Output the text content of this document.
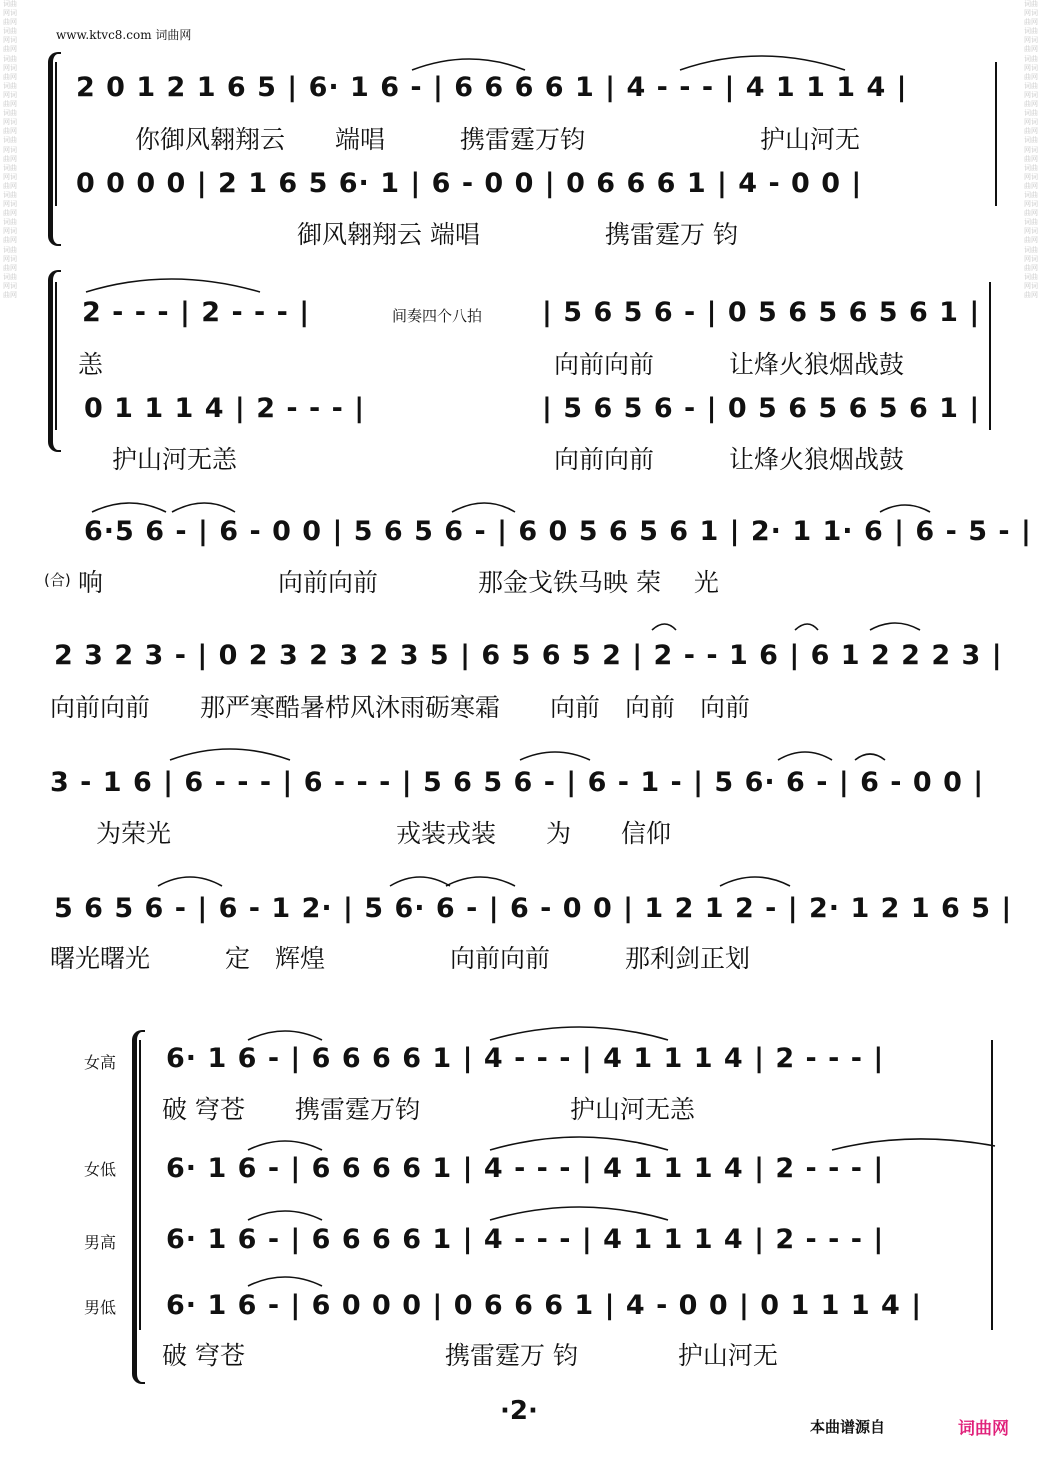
词曲网词曲网词曲网词曲网词曲网词曲网词曲网词曲网词曲网词曲网词曲网词曲网词曲网词曲网词曲网词曲网词曲网词曲网词曲网词曲网词曲网词曲网
词曲网词曲网词曲网词曲网词曲网词曲网词曲网词曲网词曲网词曲网词曲网词曲网词曲网词曲网词曲网词曲网词曲网词曲网词曲网词曲网词曲网词曲网
www.ktvc8.com 词曲网
2 0 1 2 1 6 5 | 6· 1 6 - | 6 6 6 6 1 | 4 - - - | 4 1 1 1 4 |
你御风翱翔云　　端唱　　　携雷霆万钧　　　　　　　护山河无
0 0 0 0 | 2 1 6 5 6· 1 | 6 - 0 0 | 0 6 6 6 1 | 4 - 0 0 |
御风翱翔云 端唱　　　　　携雷霆万 钧
2 - - - | 2 - - - |	间奏四个八拍 | 5 6 5 6 - | 0 5 6 5 6 5 6 1 |
恙	向前向前　　　让烽火狼烟战鼓
0 1 1 1 4 | 2 - - - |	| 5 6 5 6 - | 0 5 6 5 6 5 6 1 |
护山河无恙	向前向前　　　让烽火狼烟战鼓
6·5 6 - | 6 - 0 0 | 5 6 5 6 - | 6 0 5 6 5 6 1 | 2· 1 1· 6 | 6 - 5 - |
(合) 响　　　　　　　向前向前　　　　那金戈铁马映 荣　 光
2 3 2 3 - | 0 2 3 2 3 2 3 5 | 6 5 6 5 2 | 2 - - 1 6 | 6 1 2 2 2 3 |
向前向前　　那严寒酷暑栉风沐雨砺寒霜　　向前　向前　向前
3 - 1 6 | 6 - - - | 6 - - - | 5 6 5 6 - | 6 - 1 - | 5 6· 6 - | 6 - 0 0 |
为荣光　　　　　　　　　戎装戎装　　为　　信仰
5 6 5 6 - | 6 - 1 2· | 5 6· 6 - | 6 - 0 0 | 1 2 1 2 - | 2· 1 2 1 6 5 |
曙光曙光　　　定　辉煌　　　　　向前向前　　　那利剑正划
女高
女低
男高
男低
6· 1 6 - | 6 6 6 6 1 | 4 - - - | 4 1 1 1 4 | 2 - - - |
破 穹苍　　携雷霆万钧　　　　　　护山河无恙
6· 1 6 - | 6 6 6 6 1 | 4 - - - | 4 1 1 1 4 | 2 - - - |
6· 1 6 - | 6 6 6 6 1 | 4 - - - | 4 1 1 1 4 | 2 - - - |
6· 1 6 - | 6 0 0 0 | 0 6 6 6 1 | 4 - 0 0 | 0 1 1 1 4 |
破 穹苍　　　　　　　　携雷霆万 钧　　　　护山河无
·2·
本曲谱源自	词曲网
